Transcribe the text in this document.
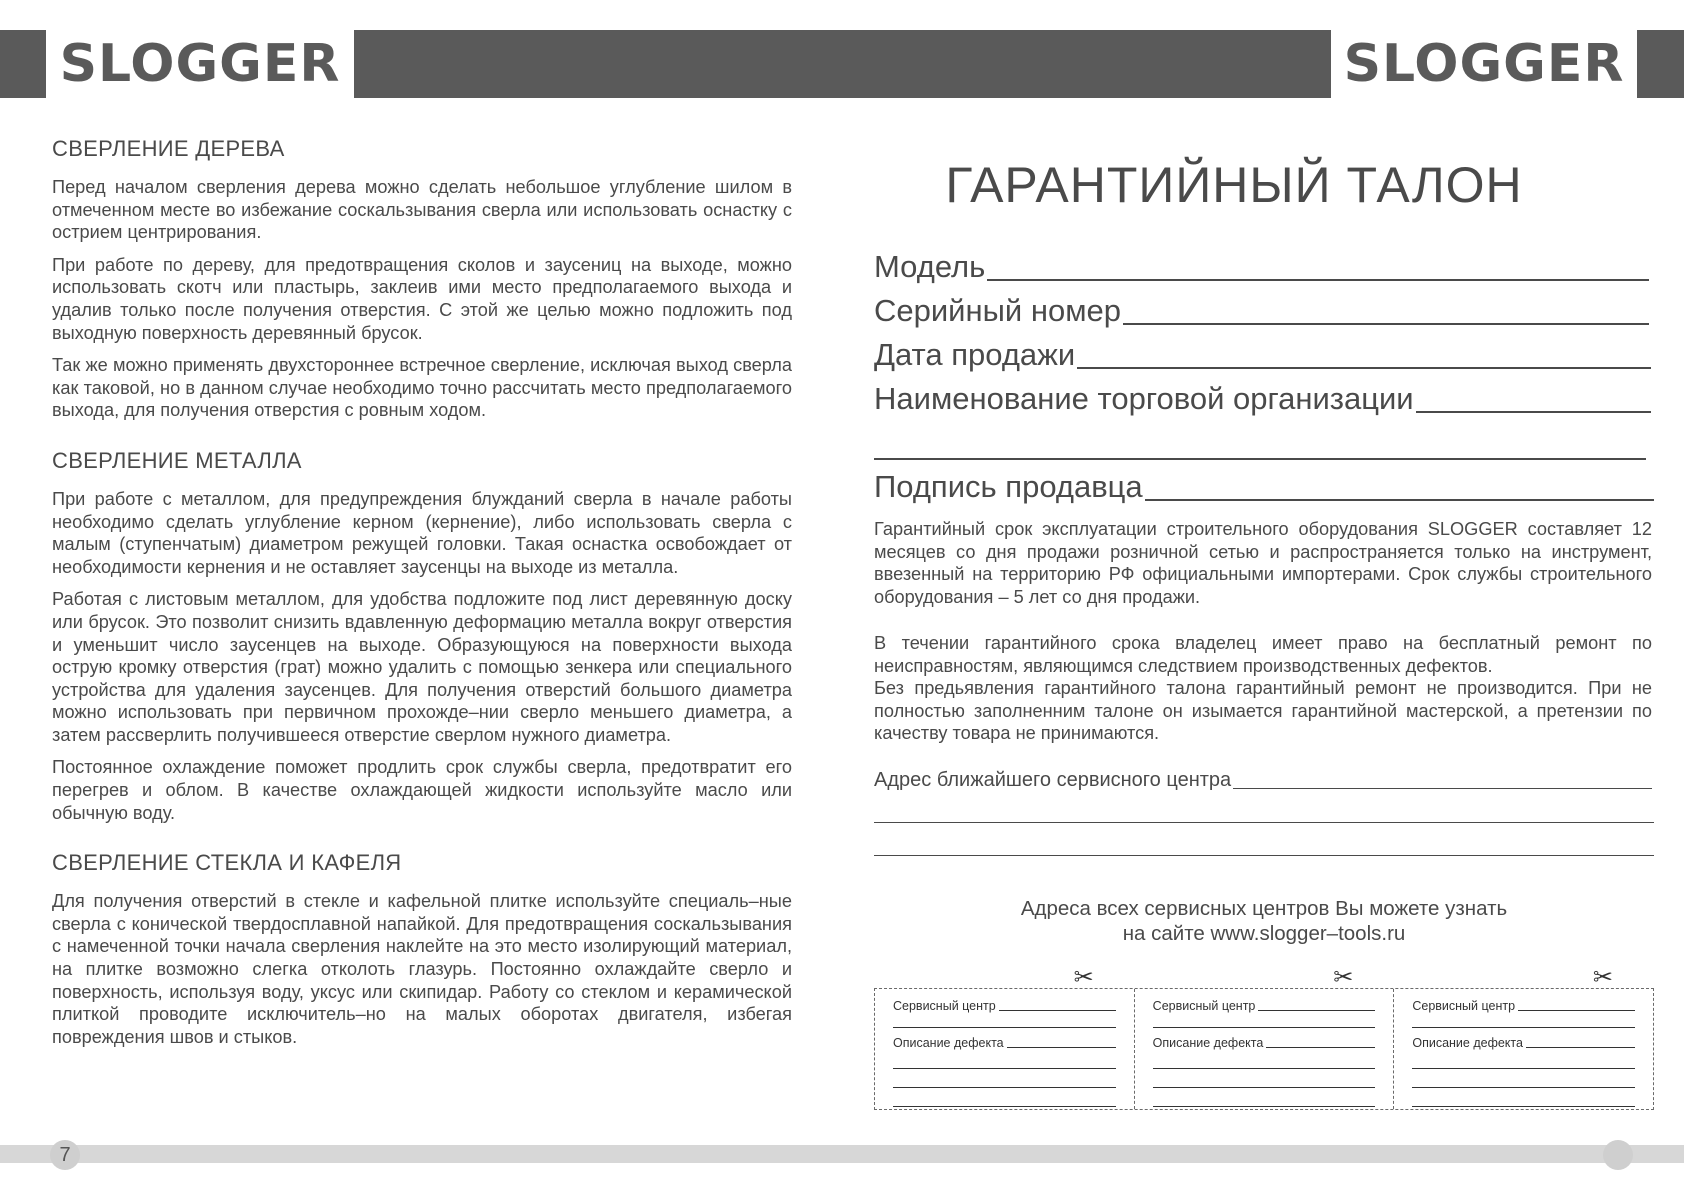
SLOGGER	SLOGGER
СВЕРЛЕНИЕ ДЕРЕВА

Перед началом сверления дерева можно сделать небольшое углубление шилом в отмеченном месте во избежание соскальзывания сверла или использовать оснастку с острием центрирования.

При работе по дереву, для предотвращения сколов и заусениц на выходе, можно использовать скотч или пластырь, заклеив ими место предполагаемого выхода и удалив только после получения отверстия. С этой же целью можно подложить под выходную поверхность деревянный брусок.

Так же можно применять двухстороннее встречное сверление, исключая выход сверла как таковой, но в данном случае необходимо точно рассчитать место предполагаемого выхода, для получения отверстия с ровным ходом.

СВЕРЛЕНИЕ МЕТАЛЛА

При работе с металлом, для предупреждения блужданий сверла в начале работы необходимо сделать углубление керном (кернение), либо использовать сверла с малым (ступенчатым) диаметром режущей головки. Такая оснастка освобождает от необходимости кернения и не оставляет заусенцы на выходе из металла.

Работая с листовым металлом, для удобства подложите под лист деревянную доску или брусок. Это позволит снизить вдавленную деформацию металла вокруг отверстия и уменьшит число заусенцев на выходе. Образующуюся на поверхности выхода острую кромку отверстия (грат) можно удалить с помощью зенкера или специального устройства для удаления заусенцев. Для получения отверстий большого диаметра можно использовать при первичном прохожде–нии сверло меньшего диаметра, а затем рассверлить получившееся отверстие сверлом нужного диаметра.

Постоянное охлаждение поможет продлить срок службы сверла, предотвратит его перегрев и облом. В качестве охлаждающей жидкости используйте масло или обычную воду.

СВЕРЛЕНИЕ СТЕКЛА И КАФЕЛЯ

Для получения отверстий в стекле и кафельной плитке используйте специаль–ные сверла с конической твердосплавной напайкой. Для предотвращения соскальзывания с намеченной точки начала сверления наклейте на это место изолирующий материал, на плитке возможно слегка отколоть глазурь. Постоянно охлаждайте сверло и поверхность, используя воду, уксус или скипидар. Работу со стеклом и керамической плиткой проводите исключитель–но на малых оборотах двигателя, избегая повреждения швов и стыков.

ГАРАНТИЙНЫЙ ТАЛОН
Модель
Серийный номер
Дата продажи
Наименование торговой организации
Подпись продавца

Гарантийный срок эксплуатации строительного оборудования SLOGGER составляет 12 месяцев со дня продажи розничной сетью и распространяется только на инструмент, ввезенный на территорию РФ официальными импортерами. Срок службы строительного оборудования – 5 лет со дня продажи.

В течении гарантийного срока владелец имеет право на бесплатный ремонт по неисправностям, являющимся следствием производственных дефектов.

Без предьявления гарантийного талона гарантийный ремонт не производится. При не полностью заполненним талоне он изымается гарантийной мастерской, а претензии по качеству товара не принимаются.

Адрес ближайшего сервисного центра
Адреса всех сервисных центров Вы можете узнать
на сайте www.slogger–tools.ru
✂
Сервисный центр
Описание дефекта
✂
Сервисный центр
Описание дефекта
✂
Сервисный центр
Описание дефекта
7
